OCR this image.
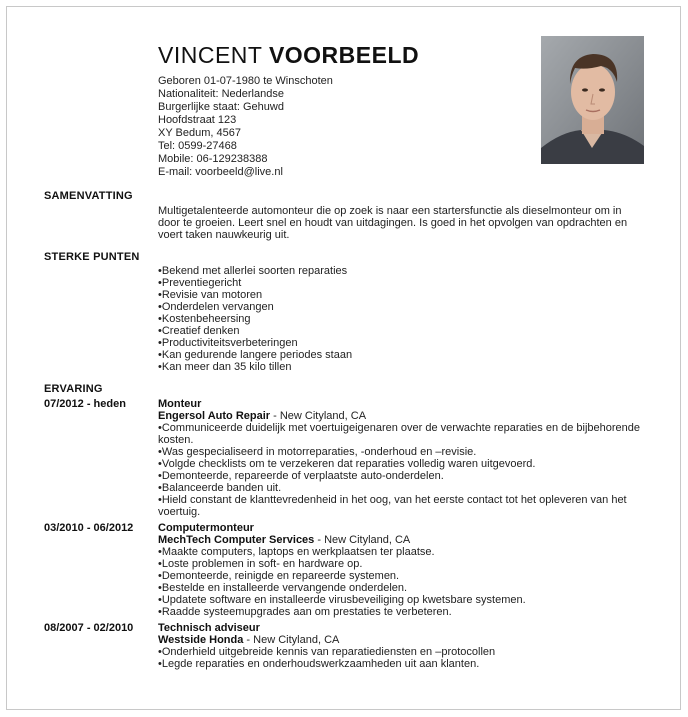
VINCENT VOORBEELD
Geboren 01-07-1980 te Winschoten
Nationaliteit: Nederlandse
Burgerlijke staat: Gehuwd
Hoofdstraat 123
XY Bedum, 4567
Tel: 0599-27468
Mobile: 06-129238388
E-mail: voorbeeld@live.nl
SAMENVATTING
Multigetalenteerde automonteur die op zoek is naar een startersfunctie als dieselmonteur om in door te groeien. Leert snel en houdt van uitdagingen. Is goed in het opvolgen van opdrachten en voert taken nauwkeurig uit.
STERKE PUNTEN
• Bekend met allerlei soorten reparaties
• Preventiegericht
• Revisie van motoren
• Onderdelen vervangen
• Kostenbeheersing
• Creatief denken
• Productiviteitsverbeteringen
• Kan gedurende langere periodes staan
• Kan meer dan 35 kilo tillen
ERVARING
07/2012 - heden	Monteur
Engersol Auto Repair - New Cityland, CA
• Communiceerde duidelijk met voertuigeigenaren over de verwachte reparaties en de bijbehorende kosten.
• Was gespecialiseerd in motorreparaties, -onderhoud en –revisie.
• Volgde checklists om te verzekeren dat reparaties volledig waren uitgevoerd.
• Demonteerde, repareerde of verplaatste auto-onderdelen.
• Balanceerde banden uit.
• Hield constant de klanttevredenheid in het oog, van het eerste contact tot het opleveren van het voertuig.
03/2010 - 06/2012 Computermonteur
MechTech Computer Services - New Cityland, CA
• Maakte computers, laptops en werkplaatsen ter plaatse.
• Loste problemen in soft- en hardware op.
• Demonteerde, reinigde en repareerde systemen.
• Bestelde en installeerde vervangende onderdelen.
• Updatete software en installeerde virusbeveiliging op kwetsbare systemen.
• Raadde systeemupgrades aan om prestaties te verbeteren.
08/2007 - 02/2010 Technisch adviseur
Westside Honda - New Cityland, CA
• Onderhield uitgebreide kennis van reparatiediensten en –protocollen
• Legde reparaties en onderhoudswerkzaamheden uit aan klanten.
